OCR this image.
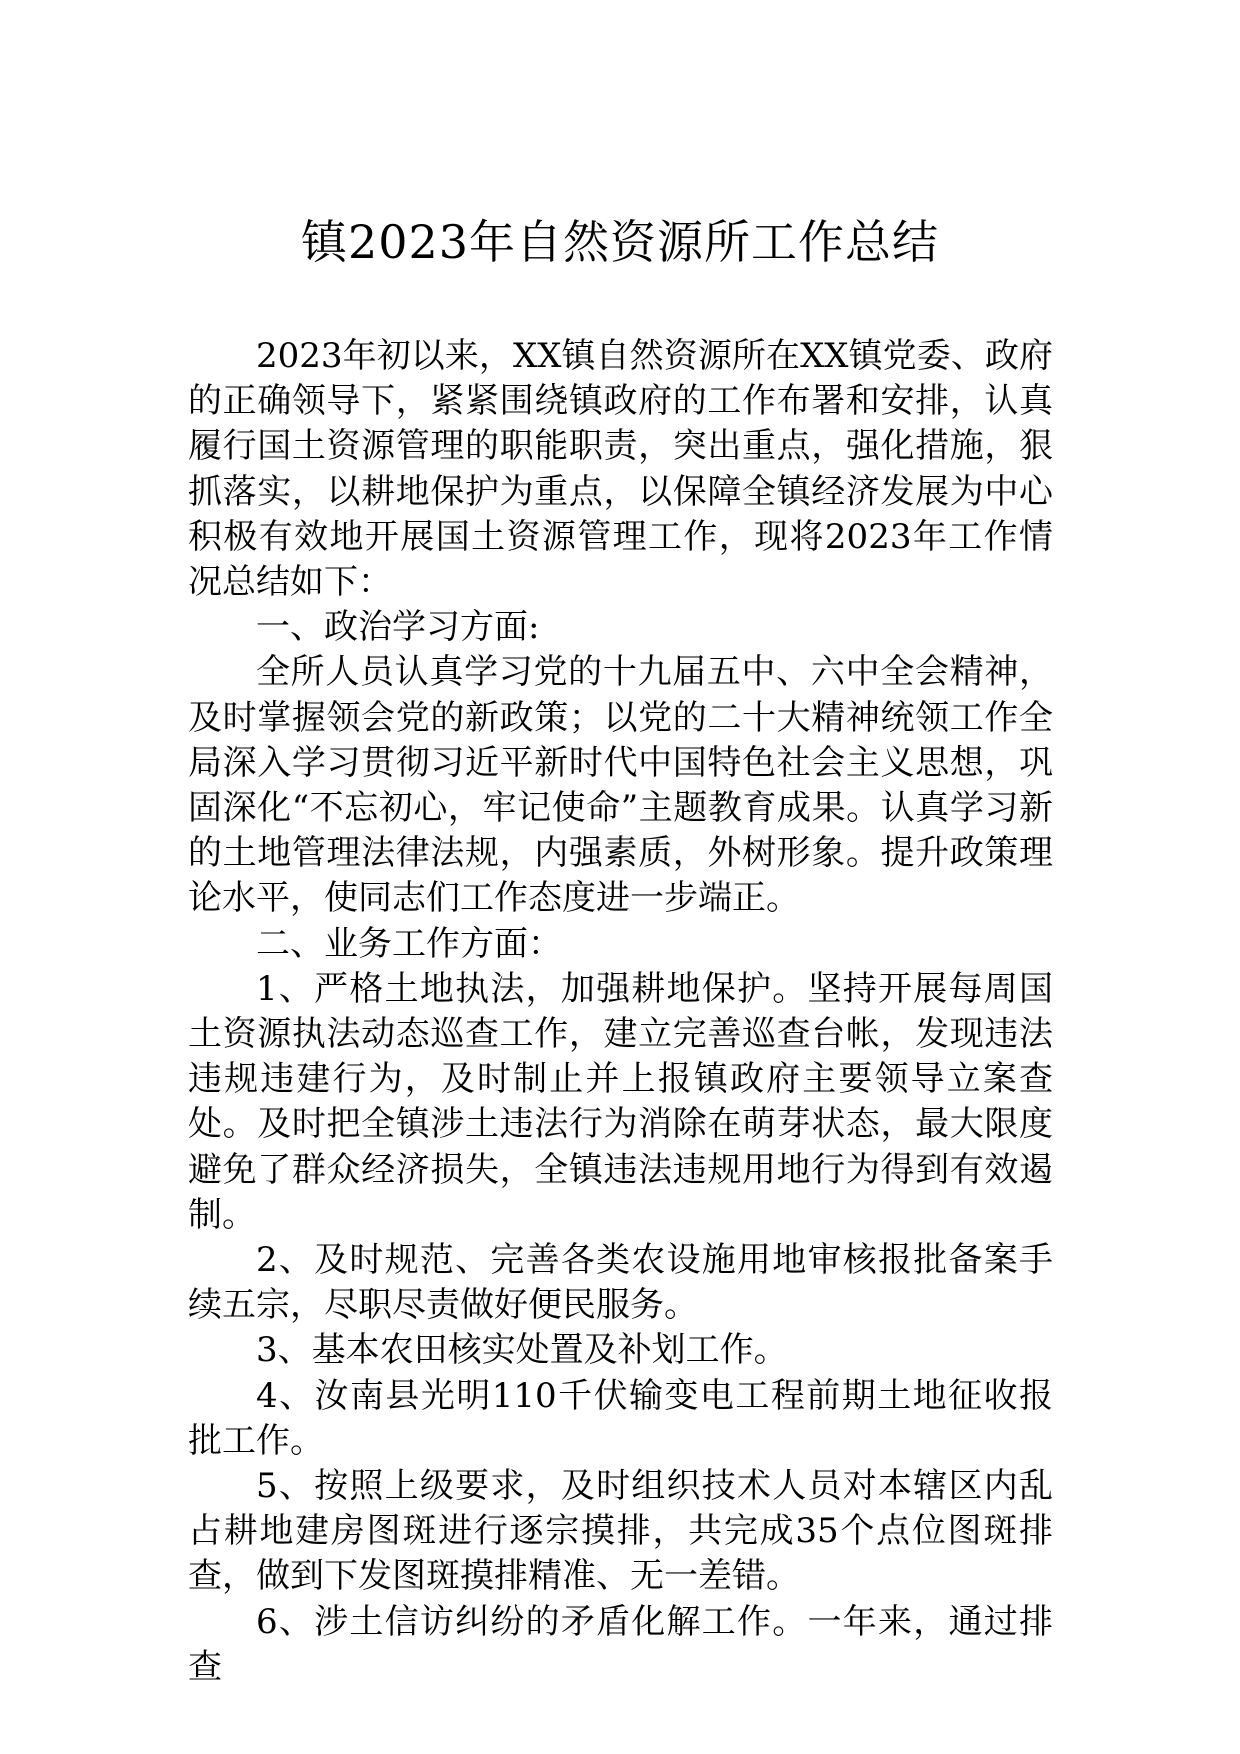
镇2023年自然资源所工作总结

2023年初以来，XX镇自然资源所在XX镇党委、政府的正确领导下，紧紧围绕镇政府的工作布署和安排，认真履行国土资源管理的职能职责，突出重点，强化措施，狠抓落实，以耕地保护为重点，以保障全镇经济发展为中心积极有效地开展国土资源管理工作，现将2023年工作情况总结如下：

一、政治学习方面:

全所人员认真学习党的十九届五中、六中全会精神，及时掌握领会党的新政策；以党的二十大精神统领工作全局深入学习贯彻习近平新时代中国特色社会主义思想，巩固深化“不忘初心，牢记使命”主题教育成果。认真学习新的土地管理法律法规，内强素质，外树形象。提升政策理论水平，使同志们工作态度进一步端正。

二、业务工作方面：

1、严格土地执法，加强耕地保护。坚持开展每周国土资源执法动态巡查工作，建立完善巡查台帐，发现违法违规违建行为，及时制止并上报镇政府主要领导立案查处。及时把全镇涉土违法行为消除在萌芽状态，最大限度避免了群众经济损失，全镇违法违规用地行为得到有效遏制。

2、及时规范、完善各类农设施用地审核报批备案手续五宗，尽职尽责做好便民服务。

3、基本农田核实处置及补划工作。

4、汝南县光明110千伏输变电工程前期土地征收报批工作。

5、按照上级要求，及时组织技术人员对本辖区内乱占耕地建房图斑进行逐宗摸排，共完成35个点位图斑排查，做到下发图斑摸排精准、无一差错。

6、涉土信访纠纷的矛盾化解工作。一年来，通过排查
